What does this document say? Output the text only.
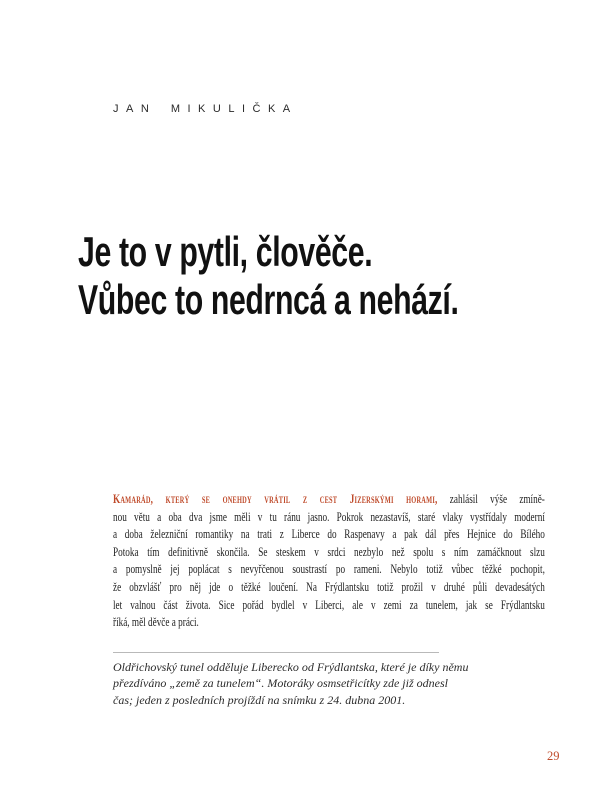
JAN MIKULIČKA
Je to v pytli, člověče.
Vůbec to nedrncá a nehází.
Kamarád, který se onehdy vrátil z cest Jizerskými horami, zahlásil výše zmíně-
nou větu a oba dva jsme měli v tu ránu jasno. Pokrok nezastavíš, staré vlaky vystřídaly moderní
a doba železniční romantiky na trati z Liberce do Raspenavy a pak dál přes Hejnice do Bílého
Potoka tím definitivně skončila. Se steskem v srdci nezbylo než spolu s ním zamáčknout slzu
a pomyslně jej poplácat s nevyřčenou soustrastí po rameni. Nebylo totiž vůbec těžké pochopit,
že obzvlášť pro něj jde o těžké loučení. Na Frýdlantsku totiž prožil v druhé půli devadesátých
let valnou část života. Sice pořád bydlel v Liberci, ale v zemi za tunelem, jak se Frýdlantsku
říká, měl děvče a práci.
Oldřichovský tunel odděluje Liberecko od Frýdlantska, které je díky němu
přezdíváno „země za tunelem“. Motoráky osmsetřicítky zde již odnesl
čas; jeden z posledních projíždí na snímku z 24. dubna 2001.
29
